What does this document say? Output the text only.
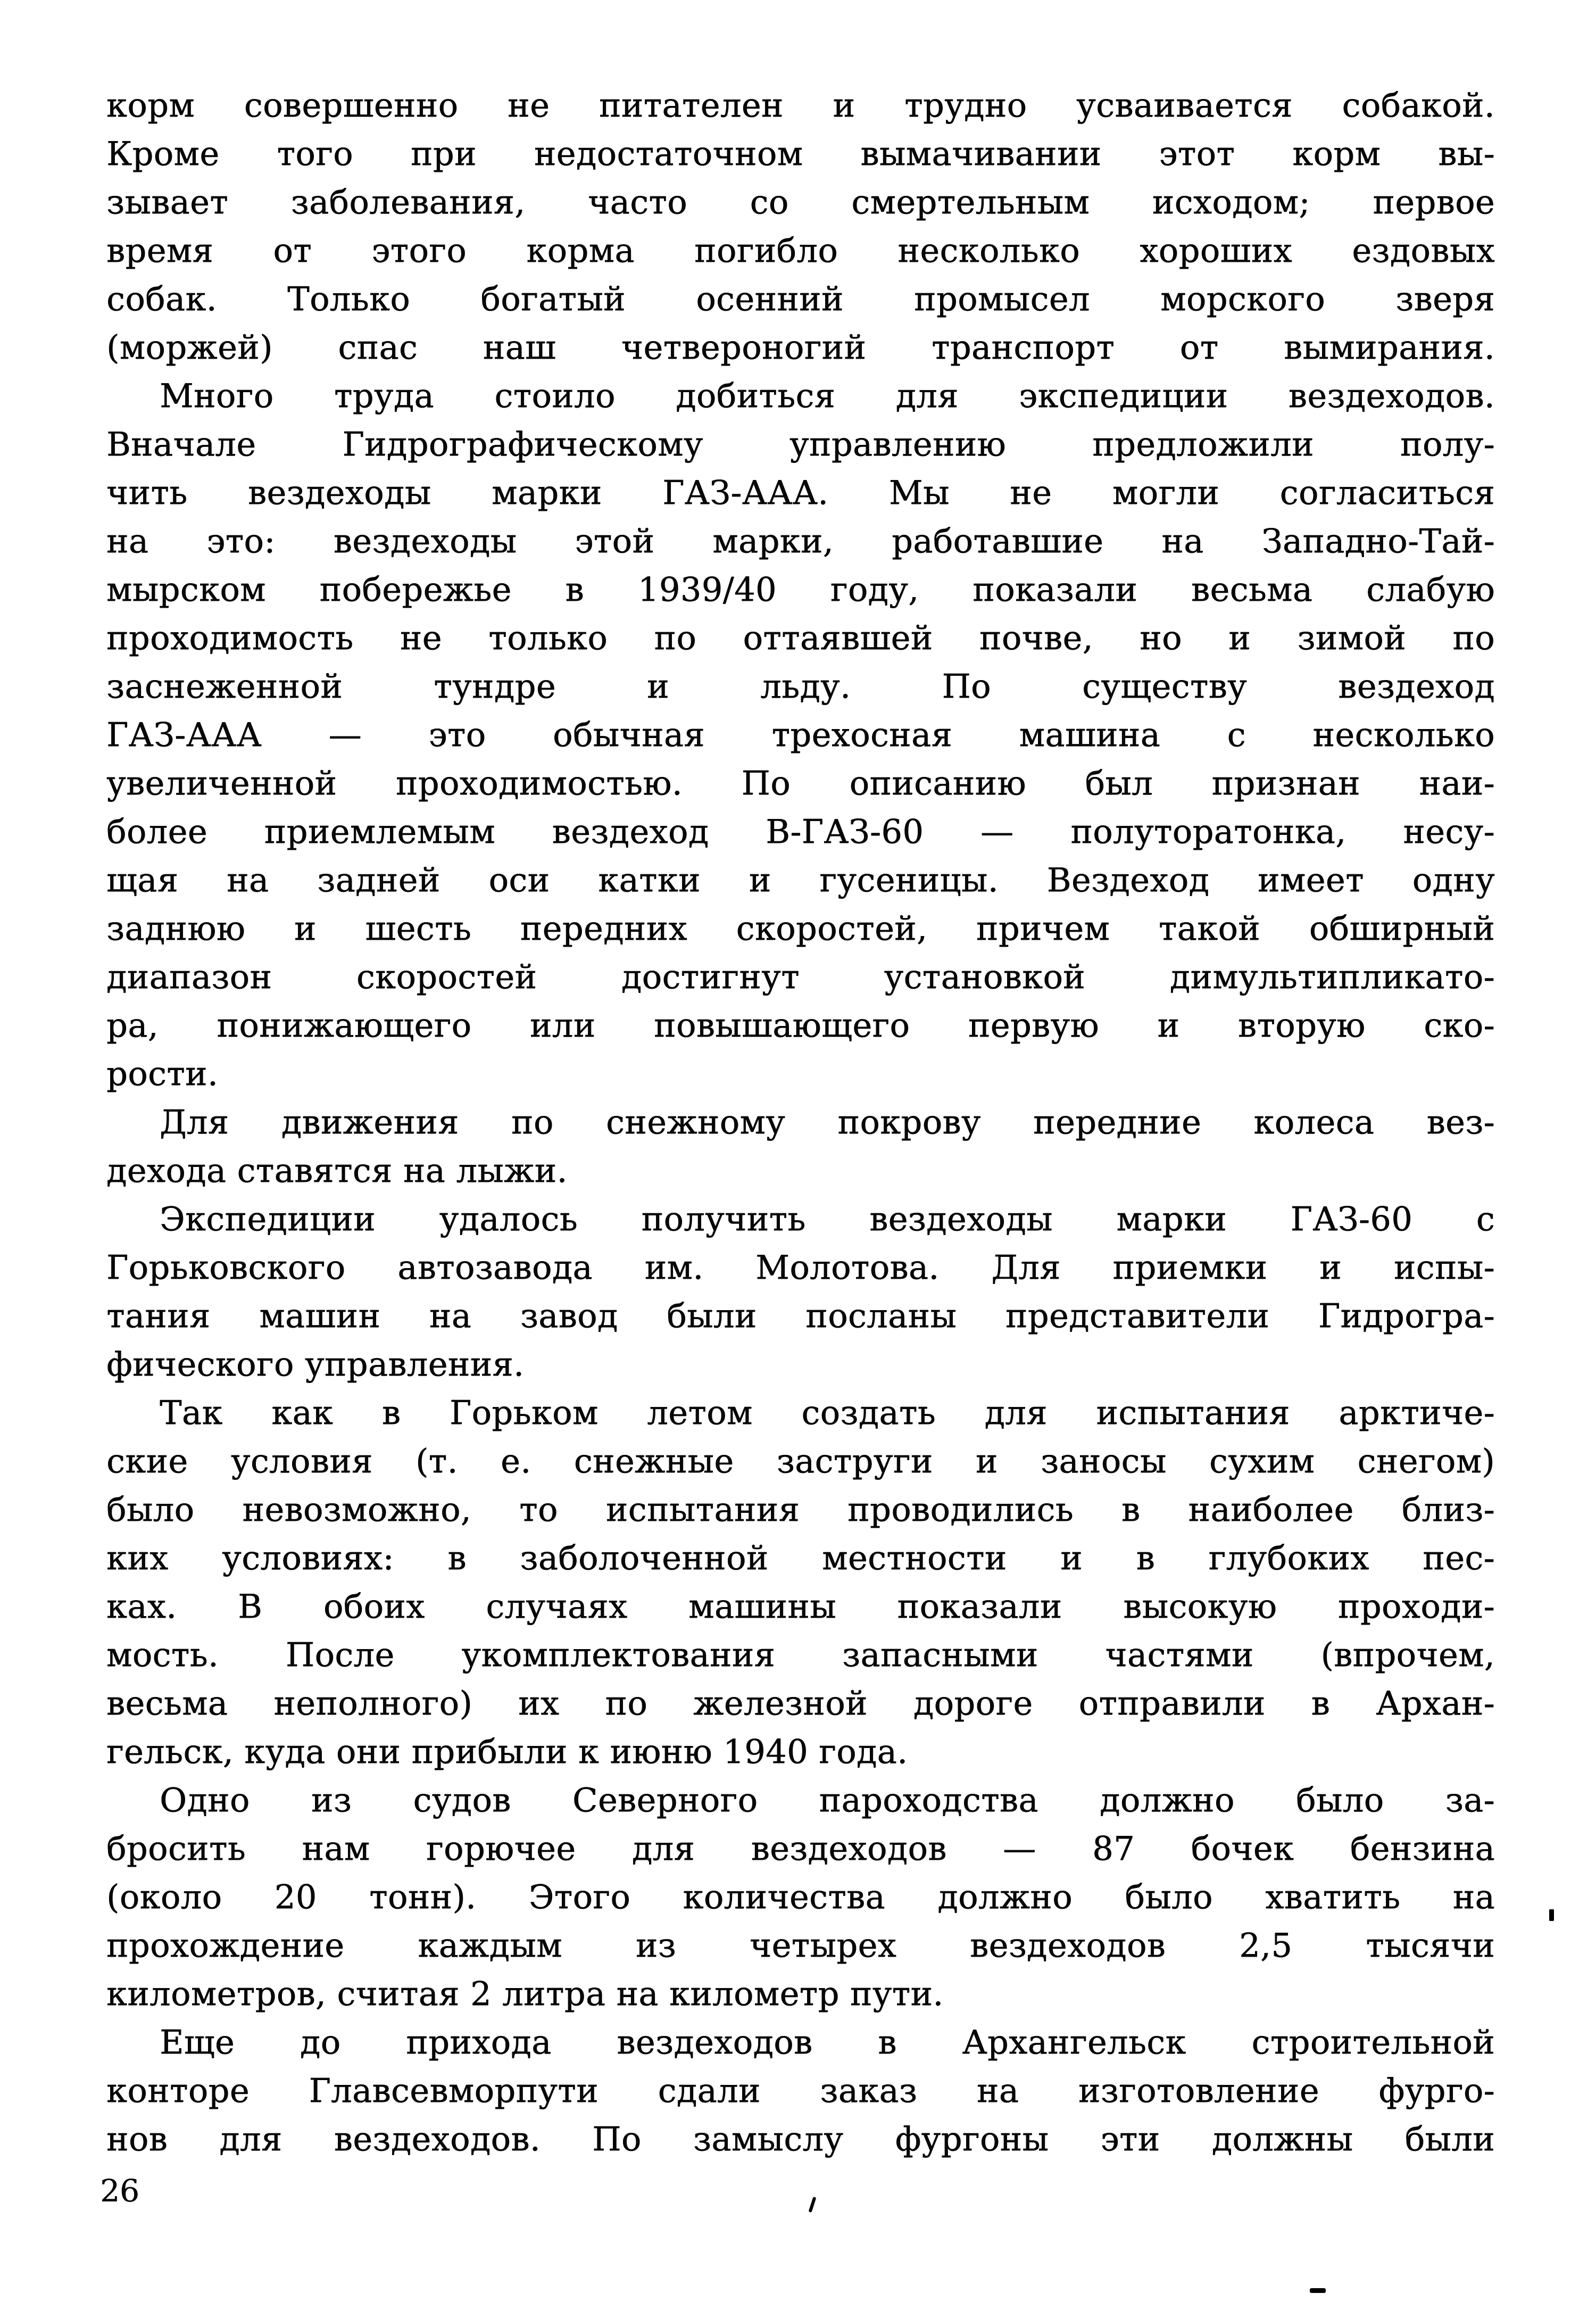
корм совершенно не питателен и трудно усваивается собакой.
Кроме того при недостаточном вымачивании этот корм вы-
зывает заболевания, часто со смертельным исходом; первое
время от этого корма погибло несколько хороших ездовых
собак. Только богатый осенний промысел морского зверя
(моржей) спас наш четвероногий транспорт от вымирания.
Много труда стоило добиться для экспедиции вездеходов.
Вначале Гидрографическому управлению предложили полу-
чить вездеходы марки ГАЗ-ААА. Мы не могли согласиться
на это: вездеходы этой марки, работавшие на Западно-Тай-
мырском побережье в 1939/40 году, показали весьма слабую
проходимость не только по оттаявшей почве, но и зимой по
заснеженной тундре и льду. По существу вездеход
ГАЗ-ААА — это обычная трехосная машина с несколько
увеличенной проходимостью. По описанию был признан наи-
более приемлемым вездеход В-ГАЗ-60 — полуторатонка, несу-
щая на задней оси катки и гусеницы. Вездеход имеет одну
заднюю и шесть передних скоростей, причем такой обширный
диапазон скоростей достигнут установкой димультипликато-
ра, понижающего или повышающего первую и вторую ско-
рости.
Для движения по снежному покрову передние колеса вез-
дехода ставятся на лыжи.
Экспедиции удалось получить вездеходы марки ГАЗ-60 с
Горьковского автозавода им. Молотова. Для приемки и испы-
тания машин на завод были посланы представители Гидрогра-
фического управления.
Так как в Горьком летом создать для испытания арктиче-
ские условия (т. е. снежные заструги и заносы сухим снегом)
было невозможно, то испытания проводились в наиболее близ-
ких условиях: в заболоченной местности и в глубоких пес-
ках. В обоих случаях машины показали высокую проходи-
мость. После укомплектования запасными частями (впрочем,
весьма неполного) их по железной дороге отправили в Архан-
гельск, куда они прибыли к июню 1940 года.
Одно из судов Северного пароходства должно было за-
бросить нам горючее для вездеходов — 87 бочек бензина
(около 20 тонн). Этого количества должно было хватить на
прохождение каждым из четырех вездеходов 2,5 тысячи
километров, считая 2 литра на километр пути.
Еще до прихода вездеходов в Архангельск строительной
конторе Главсевморпути сдали заказ на изготовление фурго-
нов для вездеходов. По замыслу фургоны эти должны были
26
